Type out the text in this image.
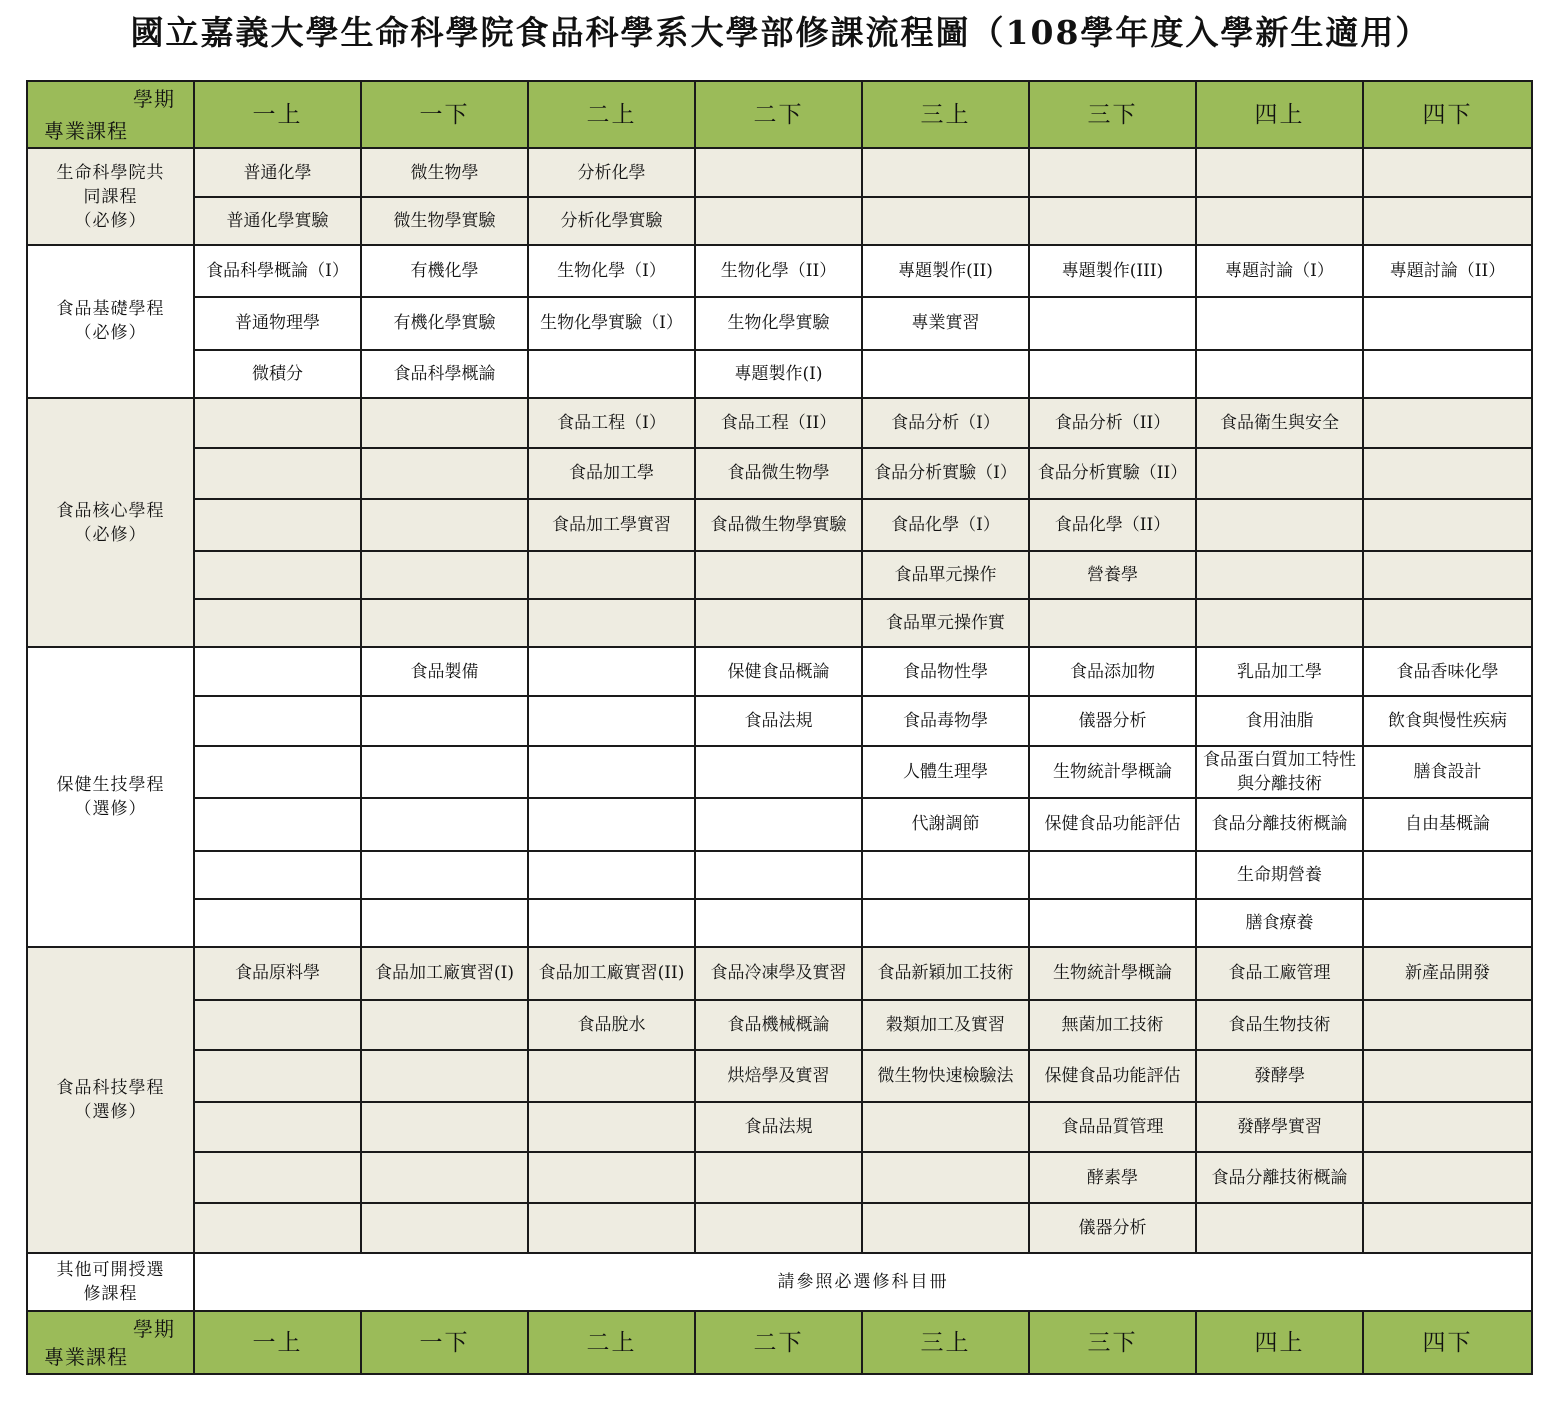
國立嘉義大學生命科學院食品科學系大學部修課流程圖（108學年度入學新生適用）
學期
專業課程	一上	一下	二上	二下	三上	三下	四上	四下
生命科學院共
同課程
（必修）	普通化學	微生物學	分析化學					
	普通化學實驗	微生物學實驗	分析化學實驗					
食品基礎學程
（必修）	食品科學概論（I）	有機化學	生物化學（I）	生物化學（II）	專題製作(II)	專題製作(III)	專題討論（I）	專題討論（II）
	普通物理學	有機化學實驗	生物化學實驗（I）	生物化學實驗	專業實習			
	微積分	食品科學概論		專題製作(I)				
食品核心學程
（必修）			食品工程（I）	食品工程（II）	食品分析（I）	食品分析（II）	食品衛生與安全	
			食品加工學	食品微生物學	食品分析實驗（I）	食品分析實驗（II）		
			食品加工學實習	食品微生物學實驗	食品化學（I）	食品化學（II）		
					食品單元操作	營養學		
					食品單元操作實			
保健生技學程
（選修）		食品製備		保健食品概論	食品物性學	食品添加物	乳品加工學	食品香味化學
				食品法規	食品毒物學	儀器分析	食用油脂	飲食與慢性疾病
					人體生理學	生物統計學概論	食品蛋白質加工特性與分離技術	膳食設計
					代謝調節	保健食品功能評估	食品分離技術概論	自由基概論
							生命期營養	
							膳食療養	
食品科技學程
（選修）	食品原料學	食品加工廠實習(I)	食品加工廠實習(II)	食品冷凍學及實習	食品新穎加工技術	生物統計學概論	食品工廠管理	新產品開發
			食品脫水	食品機械概論	穀類加工及實習	無菌加工技術	食品生物技術	
				烘焙學及實習	微生物快速檢驗法	保健食品功能評估	發酵學	
				食品法規		食品品質管理	發酵學實習	
						酵素學	食品分離技術概論	
						儀器分析		
其他可開授選
修課程	請參照必選修科目冊							

學期
專業課程	一上	一下	二上	二下	三上	三下	四上	四下
